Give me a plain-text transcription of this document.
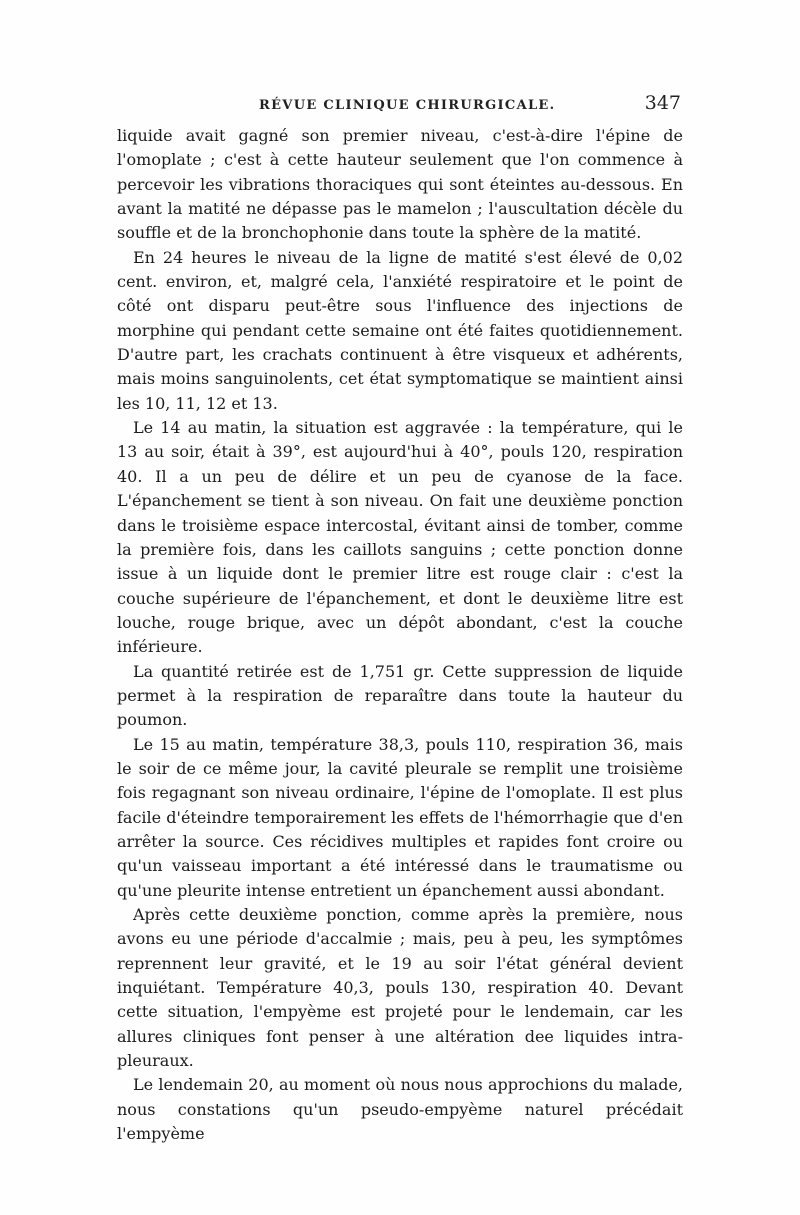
RÉVUE CLINIQUE CHIRURGICALE.	347

liquide avait gagné son premier niveau, c'est-à-dire l'épine de l'omoplate ; c'est à cette hauteur seulement que l'on commence à percevoir les vibrations thoraciques qui sont éteintes au-dessous. En avant la matité ne dépasse pas le mamelon ; l'auscultation décèle du souffle et de la bronchophonie dans toute la sphère de la matité.

En 24 heures le niveau de la ligne de matité s'est élevé de 0,02 cent. environ, et, malgré cela, l'anxiété respiratoire et le point de côté ont disparu peut-être sous l'influence des injections de morphine qui pendant cette semaine ont été faites quotidiennement. D'autre part, les crachats continuent à être visqueux et adhérents, mais moins sanguinolents, cet état symptomatique se maintient ainsi les 10, 11, 12 et 13.

Le 14 au matin, la situation est aggravée : la température, qui le 13 au soir, était à 39°, est aujourd'hui à 40°, pouls 120, respiration 40. Il a un peu de délire et un peu de cyanose de la face. L'épanchement se tient à son niveau. On fait une deuxième ponction dans le troisième espace intercostal, évitant ainsi de tomber, comme la première fois, dans les caillots sanguins ; cette ponction donne issue à un liquide dont le premier litre est rouge clair : c'est la couche supérieure de l'épanchement, et dont le deuxième litre est louche, rouge brique, avec un dépôt abondant, c'est la couche inférieure.

La quantité retirée est de 1,751 gr. Cette suppression de liquide permet à la respiration de reparaître dans toute la hauteur du poumon.

Le 15 au matin, température 38,3, pouls 110, respiration 36, mais le soir de ce même jour, la cavité pleurale se remplit une troisième fois regagnant son niveau ordinaire, l'épine de l'omoplate. Il est plus facile d'éteindre temporairement les effets de l'hémorrhagie que d'en arrêter la source. Ces récidives multiples et rapides font croire ou qu'un vaisseau important a été intéressé dans le traumatisme ou qu'une pleurite intense entretient un épanchement aussi abondant.

Après cette deuxième ponction, comme après la première, nous avons eu une période d'accalmie ; mais, peu à peu, les symptômes reprennent leur gravité, et le 19 au soir l'état général devient inquiétant. Température 40,3, pouls 130, respiration 40. Devant cette situation, l'empyème est projeté pour le lendemain, car les allures cliniques font penser à une altération dee liquides intra-pleuraux.

Le lendemain 20, au moment où nous nous approchions du malade, nous constations qu'un pseudo-empyème naturel précédait l'empyème
